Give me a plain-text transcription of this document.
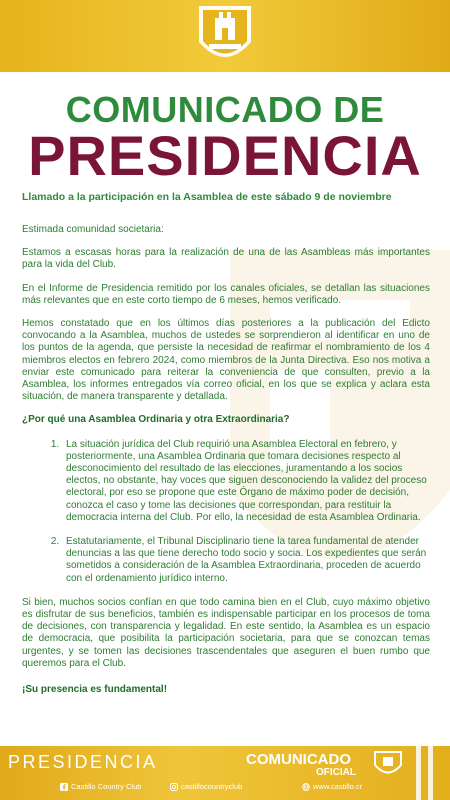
COMUNICADO DE
PRESIDENCIA
Llamado a la participación en la Asamblea de este sábado 9 de noviembre

Estimada comunidad societaria:

Estamos a escasas horas para la realización de una de las Asambleas más importantes para la vida del Club.

En el Informe de Presidencia remitido por los canales oficiales, se detallan las situaciones más relevantes que en este corto tiempo de 6 meses, hemos verificado.

Hemos constatado que en los últimos días posteriores a la publicación del Edicto convocando a la Asamblea, muchos de ustedes se sorprendieron al identificar en uno de los puntos de la agenda, que persiste la necesidad de reafirmar el nombramiento de los 4 miembros electos en febrero 2024, como miembros de la Junta Directiva. Eso nos motiva a enviar este comunicado para reiterar la conveniencia de que consulten, previo a la Asamblea, los informes entregados vía correo oficial, en los que se explica y aclara esta situación, de manera transparente y detallada.

¿Por qué una Asamblea Ordinaria y otra Extraordinaria?

1. La situación jurídica del Club requirió una Asamblea Electoral en febrero, y posteriormente, una Asamblea Ordinaria que tomara decisiones respecto al desconocimiento del resultado de las elecciones, juramentando a los socios electos, no obstante, hay voces que siguen desconociendo la validez del proceso electoral, por eso se propone que este Órgano de máximo poder de decisión, conozca el caso y tome las decisiones que correspondan, para restituir la democracia interna del Club. Por ello, la necesidad de esta Asamblea Ordinaria.
2. Estatutariamente, el Tribunal Disciplinario tiene la tarea fundamental de atender denuncias a las que tiene derecho todo socio y socia. Los expedientes que serán sometidos a consideración de la Asamblea Extraordinaria, proceden de acuerdo con el ordenamiento jurídico interno.

Si bien, muchos socios confían en que todo camina bien en el Club, cuyo máximo objetivo es disfrutar de sus beneficios, también es indispensable participar en los procesos de toma de decisiones, con transparencia y legalidad. En este sentido, la Asamblea es un espacio de democracia, que posibilita la participación societaria, para que se conozcan temas urgentes, y se tomen las decisiones trascendentales que aseguren el buen rumbo que queremos para el Club.

¡Su presencia es fundamental!

PRESIDENCIA	COMUNICADO
OFICIAL
Castillo Country Club	castillocountryclub	www.castillo.cr
